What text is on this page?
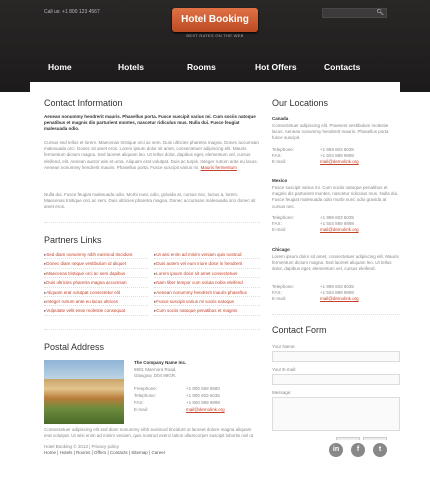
Call us: +1 800 123 4567
Hotel Booking
BEST RATES ON THE WEB
🔍︎
Home	Hotels	Rooms	Hot Offers	Contacts
Contact Information
Aenean nonummy hendrerit mauris. Phasellus porta. Fusce suscipit varius mi. Cum sociis natoque penatibus et magnis dis parturient montes, nascetur ridiculus mus. Nulla dui. Fusce feugiat malesuada odio.
Cursus sed tellus et lorem. Maecenas tristique orci ac sem. Duis ultricies pharetra magna. Donec accumsan malesuada orci. Donec sit amet eros. Lorem ipsum dolor sit amet, consectetuer adipiscing elit. Mauris fermentum dictum magna. Sed laoreet aliquam leo. Ut tellus dolor, dapibus eget, elementum vel, cursus eleifend, elit. Aenean auctor wisi et urna. Aliquam erat volutpat. Duis ac turpis. Integer rutrum ante eu lacus. Aenean nonummy hendrerit mauris. Phasellus porta. Fusce suscipit varius mi. Mauris fermentum
Nulla dui. Fusce feugiat malesuada odio. Morbi nunc odio, gravida at, cursus nec, luctus a, lorem. Maecenas tristique orci ac sem. Duis ultricies pharetra magna. Donec accumsan malesuada orci donec sit amet eros.
Partners Links
▸ Sed diam nonummy nibh euismod tincidunt
▸ Donec diam neque vestibulum id aliquet
▸ Maecenas tristique orci ac sem dapibus
▸ Duis ultricies pharetra magna accumsan
▸ Aliquam erat volutpat consectetur elit
▸ Integer rutrum ante eu lacus ultrices
▸ Vulputate velit esse molestie consequat
▸ Ut wisi enim ad minim veniam quis nostrud
▸ Duis autem vel eum iriure dolor in hendrerit
▸ Lorem ipsum dolor sit amet consectetuer
▸ Nam liber tempor cum soluta nobis eleifend
▸ Aenean nonummy hendrerit mauris phasellus
▸ Fusce suscipit varius mi sociis natoque
▸ Cum sociis natoque penatibus et magnis
Postal Address
The Company Name Inc.
8901 Marmora Road,
Glasgow, D04 89GR.
Freephone:	+1 800 559 6580
Telephone:	+1 800 603 6035
FAX:	+1 800 889 9898
E-mail:	mail@demolink.org
Consectetuer adipiscing elit sed diam nonummy nibh euismod tincidunt ut laoreet dolore magna aliquam erat volutpat. Ut wisi enim ad minim veniam, quis nostrud exerci tation ullamcorper suscipit lobortis nisl ut
Our Locations
Canada
Consectetuer adipiscing elit. Praesent vestibulum molestie lacus. Aenean nonummy hendrerit mauris. Phasellus porta fusce suscipit.
Telephone:	+1 959 603 6035
FAX:	+1 504 889 9898
E-mail:	mail@demolink.org
Mexico
Fusce suscipit varius mi. Cum sociis natoque penatibus et magnis dis parturient montes, nascetur ridiculus mus. Nulla dui. Fusce feugiat malesuada odio morbi nunc odio gravida at cursus nec.
Telephone:	+1 959 603 6035
FAX:	+1 504 889 9898
E-mail:	mail@demolink.org
Chicago
Lorem ipsum dolor sit amet, consectetuer adipiscing elit. Mauris fermentum dictum magna. Sed laoreet aliquam leo. Ut tellus dolor, dapibus eget, elementum vel, cursus eleifend.
Telephone:	+1 959 603 6035
FAX:	+1 504 889 9898
E-mail:	mail@demolink.org
Contact Form
Your Name:
Your E-mail:
Message:
Hotel Booking © 2013 | Privacy policy
Home | Hotels | Rooms | Offers | Contacts | Sitemap | Career	in	f	t
